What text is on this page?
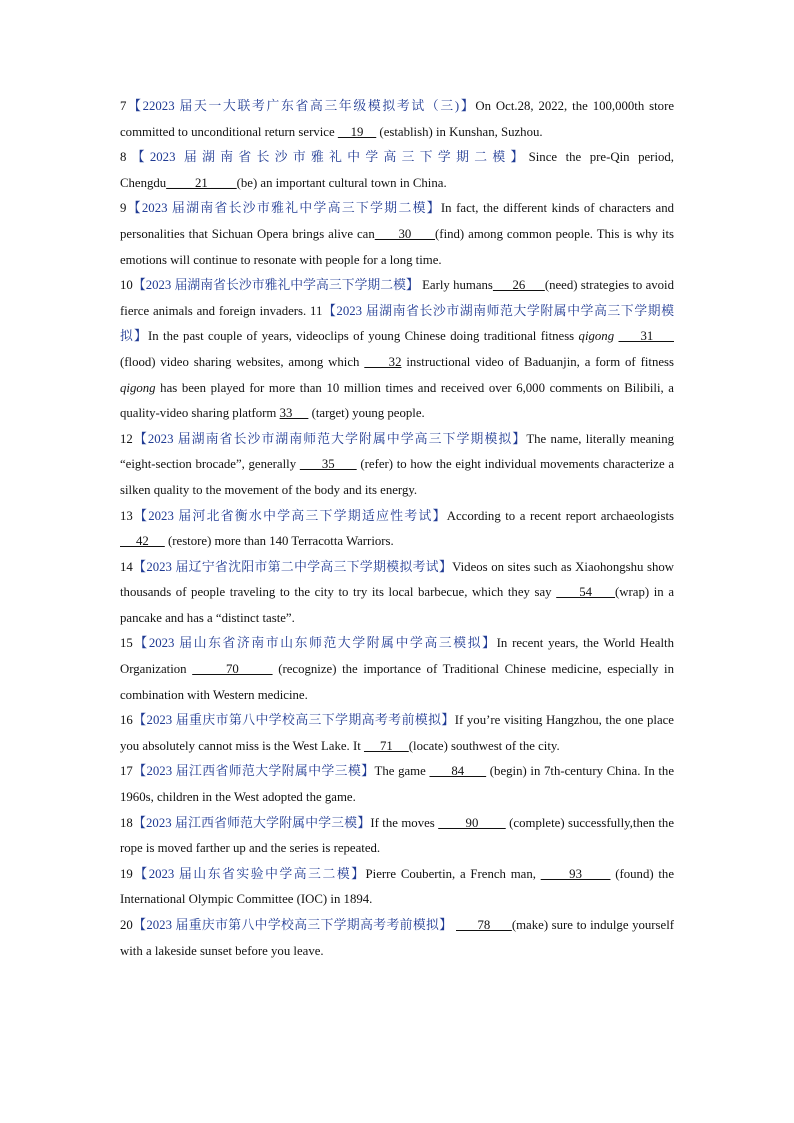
7【22023 届天一大联考广东省高三年级模拟考试（三)】On Oct.28, 2022, the 100,000th store committed to unconditional return service     19     (establish) in Kunshan, Suzhou.

8【2023 届湖南省长沙市雅礼中学高三下学期二模】Since the pre-Qin period, Chengdu____ 21 ____(be) an important cultural town in China.

9【2023 届湖南省长沙市雅礼中学高三下学期二模】In fact, the different kinds of characters and personalities that Sichuan Opera brings alive can      30      (find) among common people. This is why its emotions will continue to resonate with people for a long time.

10【2023 届湖南省长沙市雅礼中学高三下学期二模】 Early humans      26      (need) strategies to avoid fierce animals and foreign invaders. 11【2023 届湖南省长沙市湖南师范大学附属中学高三下学期模拟】In the past couple of years, videoclips of young Chinese doing traditional fitness qigong      31      (flood) video sharing websites, among which      32 instructional video of Baduanjin, a form of fitness qigong has been played for more than 10 million times and received over 6,000 comments on Bilibili, a quality-video sharing platform 33      (target) young people.

12【2023 届湖南省长沙市湖南师范大学附属中学高三下学期模拟】The name, literally meaning “eight-section brocade”, generally       35       (refer) to how the eight individual movements characterize a silken quality to the movement of the body and its energy.

13【2023 届河北省衡水中学高三下学期适应性考试】According to a recent report archaeologists      42      (restore) more than 140 Terracotta Warriors.

14【2023 届辽宁省沈阳市第二中学高三下学期模拟考试】Videos on sites such as Xiaohongshu show thousands of people traveling to the city to try its local barbecue, which they say      54     (wrap) in a pancake and has a “distinct taste”.

15【2023 届山东省济南市山东师范大学附属中学高三模拟】In recent years, the World Health Organization       70       (recognize) the importance of Traditional Chinese medicine, especially in combination with Western medicine.

16【2023 届重庆市第八中学校高三下学期高考考前模拟】If you’re visiting Hangzhou, the one place you absolutely cannot miss is the West Lake. It      71     (locate) southwest of the city.

17【2023 届江西省师范大学附属中学三模】The game       84       (begin) in 7th-century China. In the 1960s, children in the West adopted the game.

18【2023 届江西省师范大学附属中学三模】If the moves         90         (complete) successfully,then the rope is moved farther up and the series is repeated.

19【2023 届山东省实验中学高三二模】Pierre Coubertin, a French man,       93       (found) the International Olympic Committee (IOC) in 1894.

20【2023 届重庆市第八中学校高三下学期高考考前模拟】       78      (make) sure to indulge yourself with a lakeside sunset before you leave.
